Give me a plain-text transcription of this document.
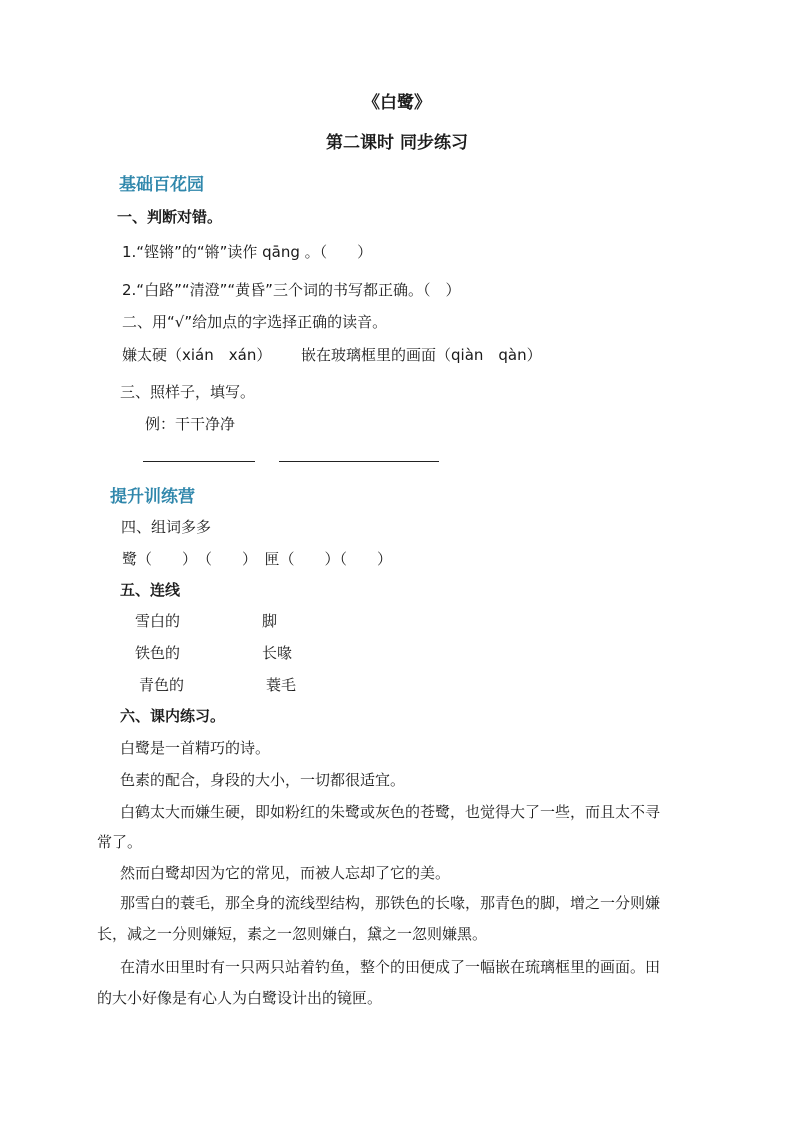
《白鹭》
第二课时 同步练习
基础百花园
一、判断对错。
1.“铿锵”的“锵”读作 qāng 。（　　）
2.“白路”“清澄”“黄昏”三个词的书写都正确。（　）
二、用“√”给加点的字选择正确的读音。
嫌太硬（xián　xán） 嵌在玻璃框里的画面（qiàn　qàn）
三、照样子，填写。
例：干干净净
提升训练营
四、组词多多
鹭（　　）　（　　）　匣（　　）（　　）
五、连线
雪白的	脚
铁色的	长喙
青色的	蓑毛
六、课内练习。
白鹭是一首精巧的诗。
色素的配合，身段的大小，一切都很适宜。
白鹤太大而嫌生硬，即如粉红的朱鹭或灰色的苍鹭，也觉得大了一些，而且太不寻
常了。
然而白鹭却因为它的常见，而被人忘却了它的美。
那雪白的蓑毛，那全身的流线型结构，那铁色的长喙，那青色的脚，增之一分则嫌
长，减之一分则嫌短，素之一忽则嫌白，黛之一忽则嫌黑。
在清水田里时有一只两只站着钓鱼，整个的田便成了一幅嵌在琉璃框里的画面。田
的大小好像是有心人为白鹭设计出的镜匣。
